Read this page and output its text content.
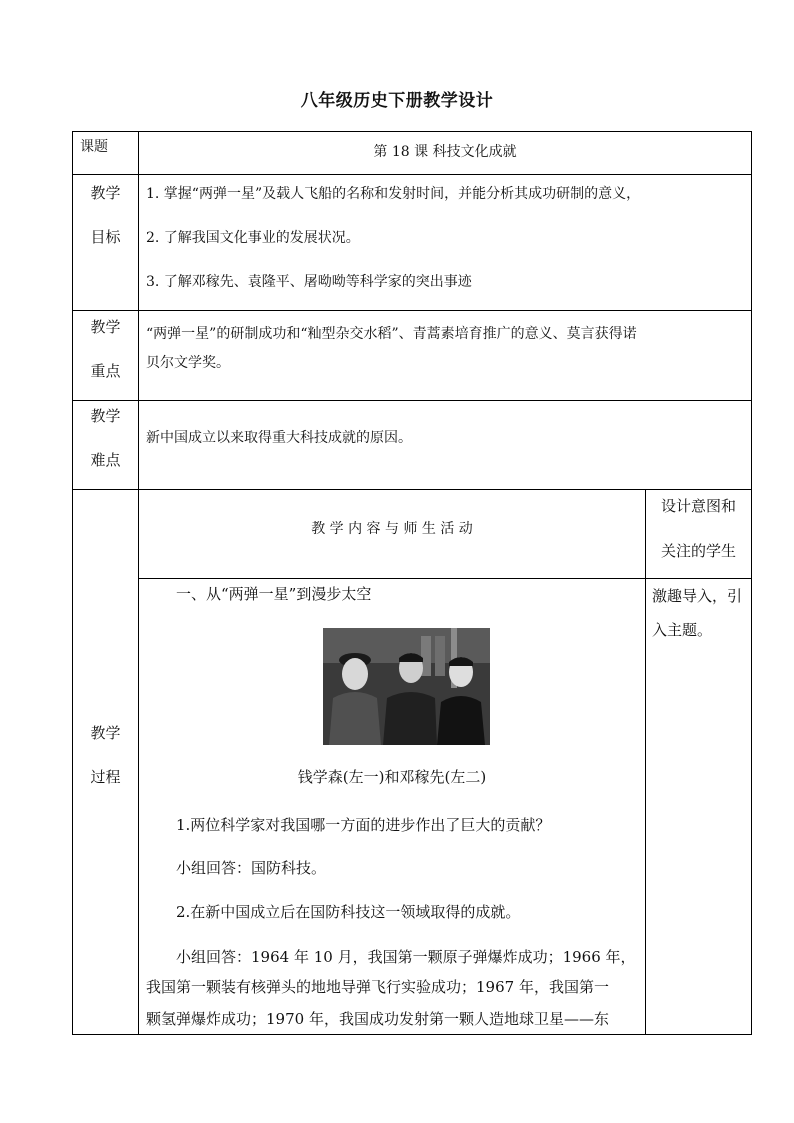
八年级历史下册教学设计
课题	第 18 课 科技文化成就
教学
目标
1. 掌握“两弹一星”及载人飞船的名称和发射时间，并能分析其成功研制的意义，
2. 了解我国文化事业的发展状况。
3. 了解邓稼先、袁隆平、屠呦呦等科学家的突出事迹
教学
重点
“两弹一星”的研制成功和“籼型杂交水稻”、青蒿素培育推广的意义、莫言获得诺
贝尔文学奖。
教学
难点
新中国成立以来取得重大科技成就的原因。
教学
过程
教 学 内 容 与 师 生 活 动
设计意图和
关注的学生
一、从“两弹一星”到漫步太空
钱学森(左一)和邓稼先(左二)
1.两位科学家对我国哪一方面的进步作出了巨大的贡献？
小组回答：国防科技。
2.在新中国成立后在国防科技这一领域取得的成就。
小组回答：1964 年 10 月，我国第一颗原子弹爆炸成功；1966 年，
我国第一颗装有核弹头的地地导弹飞行实验成功；1967 年，我国第一
颗氢弹爆炸成功；1970 年，我国成功发射第一颗人造地球卫星——东
激趣导入，引
入主题。
